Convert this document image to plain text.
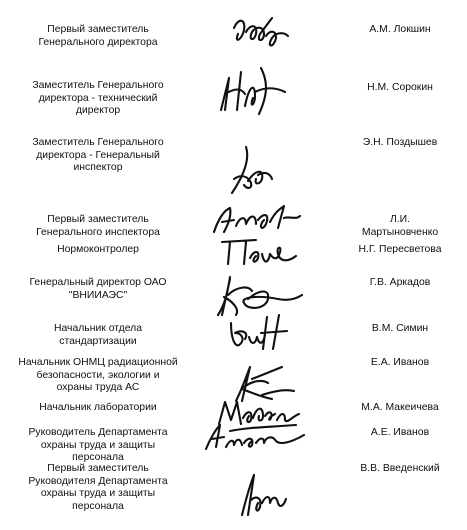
Первый заместитель
Генерального директора
А.М. Локшин
Заместитель Генерального
директора - технический
директор
Н.М. Сорокин
Заместитель Генерального
директора - Генеральный
инспектор
Э.Н. Поздышев
Первый заместитель
Генерального инспектора
Л.И.
Мартыновченко
Нормоконтролер	Н.Г. Пересветова
Генеральный директор ОАО
"ВНИИАЭС"
Г.В. Аркадов
Начальник отдела
стандартизации
В.М. Симин
Начальник ОНМЦ радиационной
безопасности, экологии и
охраны труда АС
Е.А. Иванов
Начальник лаборатории	М.А. Макеичева
Руководитель Департамента
охраны труда и защиты
персонала
А.Е. Иванов
Первый заместитель
Руководителя Департамента
охраны труда и защиты
персонала
В.В. Введенский
